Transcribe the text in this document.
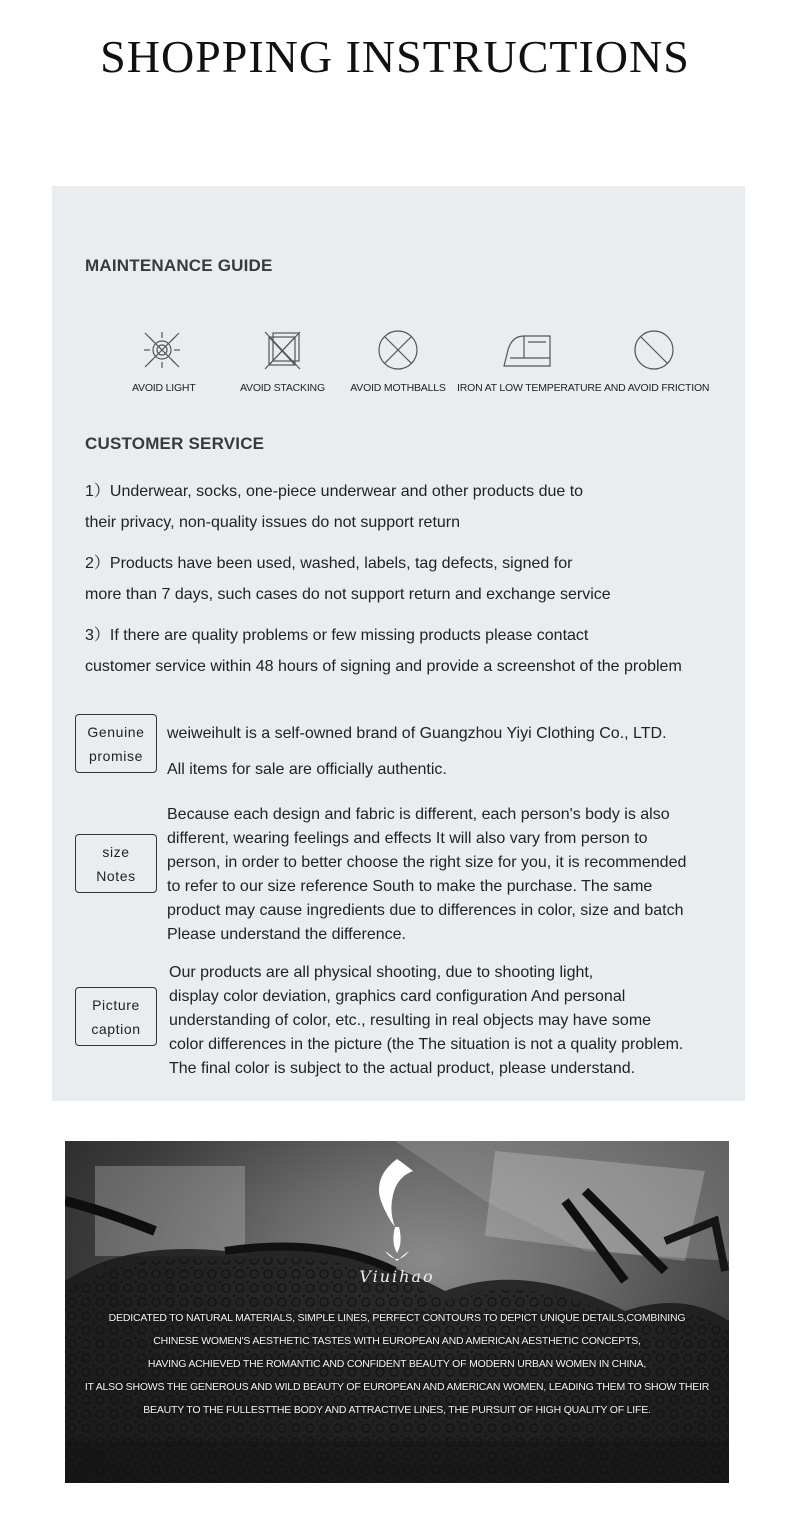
SHOPPING INSTRUCTIONS
MAINTENANCE GUIDE
AVOID LIGHT	AVOID STACKING AVOID MOTHBALLS IRON AT LOW TEMPERATURE AND AVOID FRICTION
CUSTOMER SERVICE
1）Underwear, socks, one-piece underwear and other products due to
their privacy, non-quality issues do not support return
2）Products have been used, washed, labels, tag defects, signed for
more than 7 days, such cases do not support return and exchange service
3）If there are quality problems or few missing products please contact
customer service within 48 hours of signing and provide a screenshot of the problem
Genuine
promise
weiweihult is a self-owned brand of Guangzhou Yiyi Clothing Co., LTD.
All items for sale are officially authentic.
size
Notes
Because each design and fabric is different, each person's body is also
different, wearing feelings and effects It will also vary from person to
person, in order to better choose the right size for you, it is recommended
to refer to our size reference South to make the purchase. The same
product may cause ingredients due to differences in color, size and batch
Please understand the difference.
Picture
caption
Our products are all physical shooting, due to shooting light,
display color deviation, graphics card configuration And personal
understanding of color, etc., resulting in real objects may have some
color differences in the picture (the The situation is not a quality problem.
The final color is subject to the actual product, please understand.
Viuihao
DEDICATED TO NATURAL MATERIALS, SIMPLE LINES, PERFECT CONTOURS TO DEPICT UNIQUE DETAILS,COMBINING
CHINESE WOMEN'S AESTHETIC TASTES WITH EUROPEAN AND AMERICAN AESTHETIC CONCEPTS,
HAVING ACHIEVED THE ROMANTIC AND CONFIDENT BEAUTY OF MODERN URBAN WOMEN IN CHINA,
IT ALSO SHOWS THE GENEROUS AND WILD BEAUTY OF EUROPEAN AND AMERICAN WOMEN, LEADING THEM TO SHOW THEIR
BEAUTY TO THE FULLESTTHE BODY AND ATTRACTIVE LINES, THE PURSUIT OF HIGH QUALITY OF LIFE.
